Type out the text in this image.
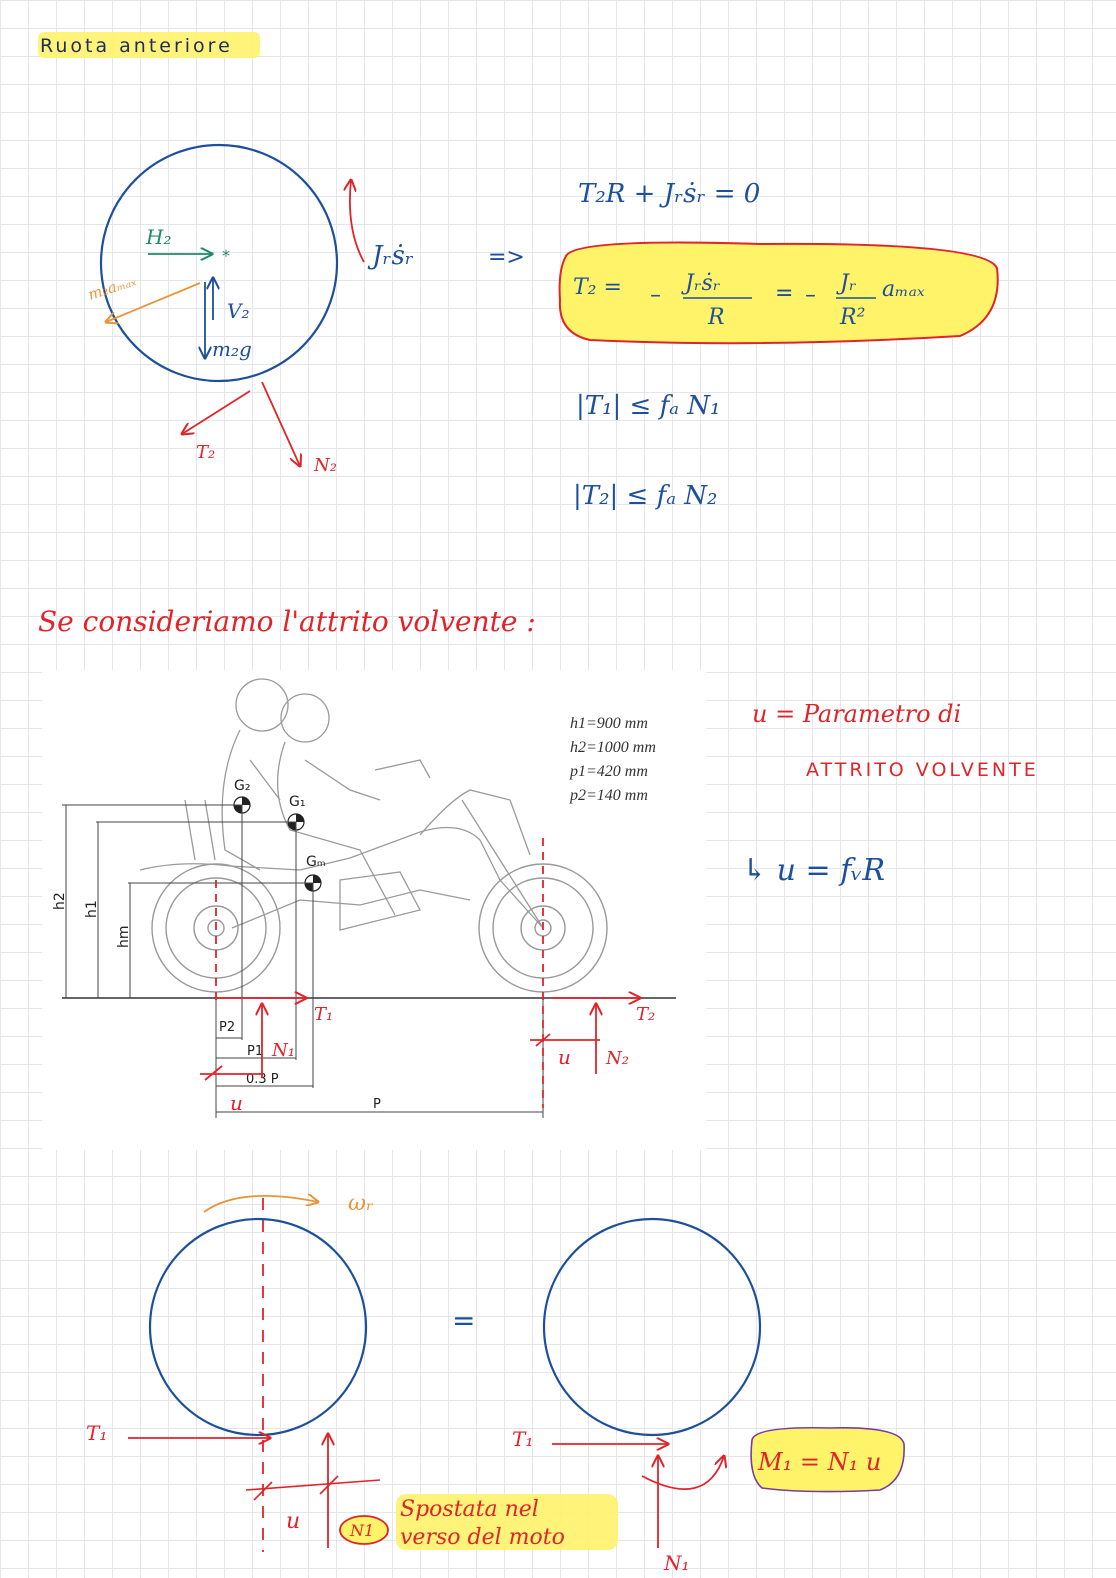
Ruota anteriore
*
H₂
V₂
m₂g
m₂aₘₐₓ
T₂
N₂
Jᵣṡᵣ	=>
T₂R + Jᵣṡᵣ = 0
T₂ = – Jᵣṡᵣ
R
= – Jᵣ
R²
aₘₐₓ
|T₁| ≤ fₐ N₁
|T₂| ≤ fₐ N₂
Se consideriamo l'attrito volvente :
G₂
G₁
Gₘ
h2 h1
hm
P2
P1
0.3 P
P
h1=900 mm
h2=1000 mm
p1=420 mm
p2=140 mm
T₁
N₁
T₂
N₂
u
u
u = Parametro di
ATTRITO VOLVENTE
↳ u = fᵥR
ωᵣ
T₁
u	N1
Spostata nel
verso del moto
=
T₁
N₁
M₁ = N₁ u
